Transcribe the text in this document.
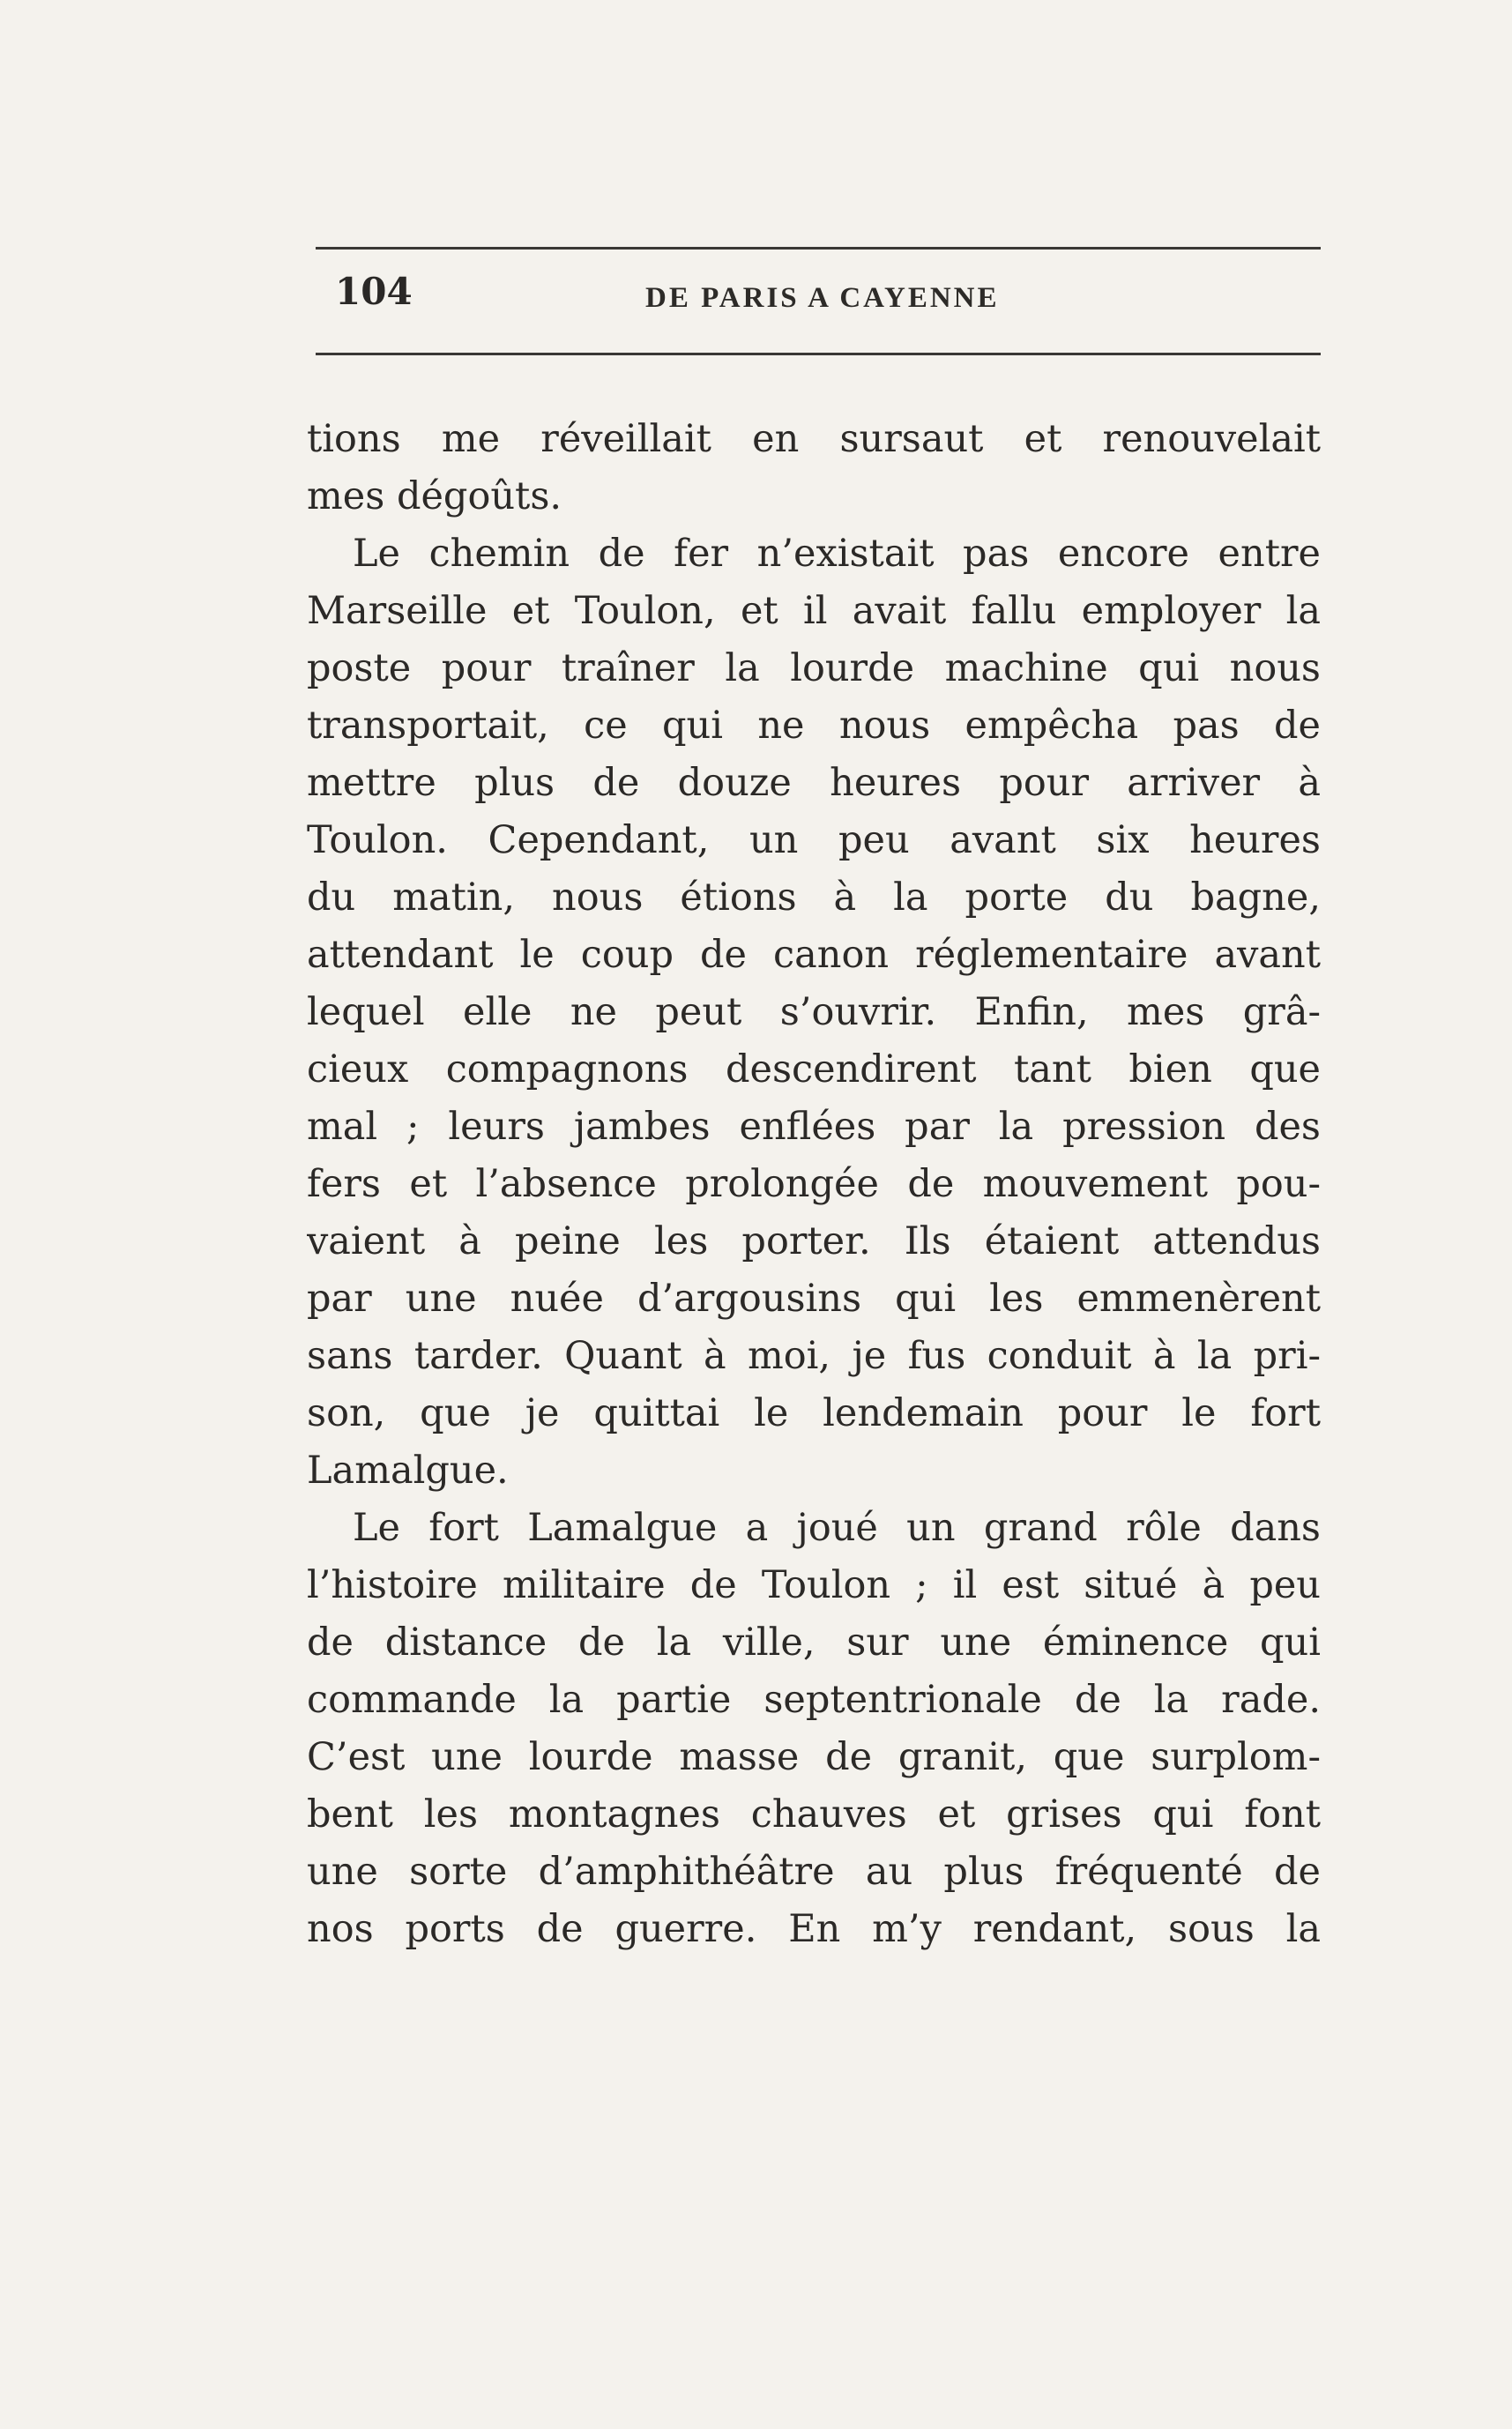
104	DE PARIS A CAYENNE
tions me réveillait en sursaut et renouvelait
mes dégoûts.
Le chemin de fer n’existait pas encore entre
Marseille et Toulon, et il avait fallu employer la
poste pour traîner la lourde machine qui nous
transportait, ce qui ne nous empêcha pas de
mettre plus de douze heures pour arriver à
Toulon. Cependant, un peu avant six heures
du matin, nous étions à la porte du bagne,
attendant le coup de canon réglementaire avant
lequel elle ne peut s’ouvrir. Enfin, mes grâ-
cieux compagnons descendirent tant bien que
mal ; leurs jambes enflées par la pression des
fers et l’absence prolongée de mouvement pou-
vaient à peine les porter. Ils étaient attendus
par une nuée d’argousins qui les emmenèrent
sans tarder. Quant à moi, je fus conduit à la pri-
son, que je quittai le lendemain pour le fort
Lamalgue.
Le fort Lamalgue a joué un grand rôle dans
l’histoire militaire de Toulon ; il est situé à peu
de distance de la ville, sur une éminence qui
commande la partie septentrionale de la rade.
C’est une lourde masse de granit, que surplom-
bent les montagnes chauves et grises qui font
une sorte d’amphithéâtre au plus fréquenté de
nos ports de guerre. En m’y rendant, sous la
